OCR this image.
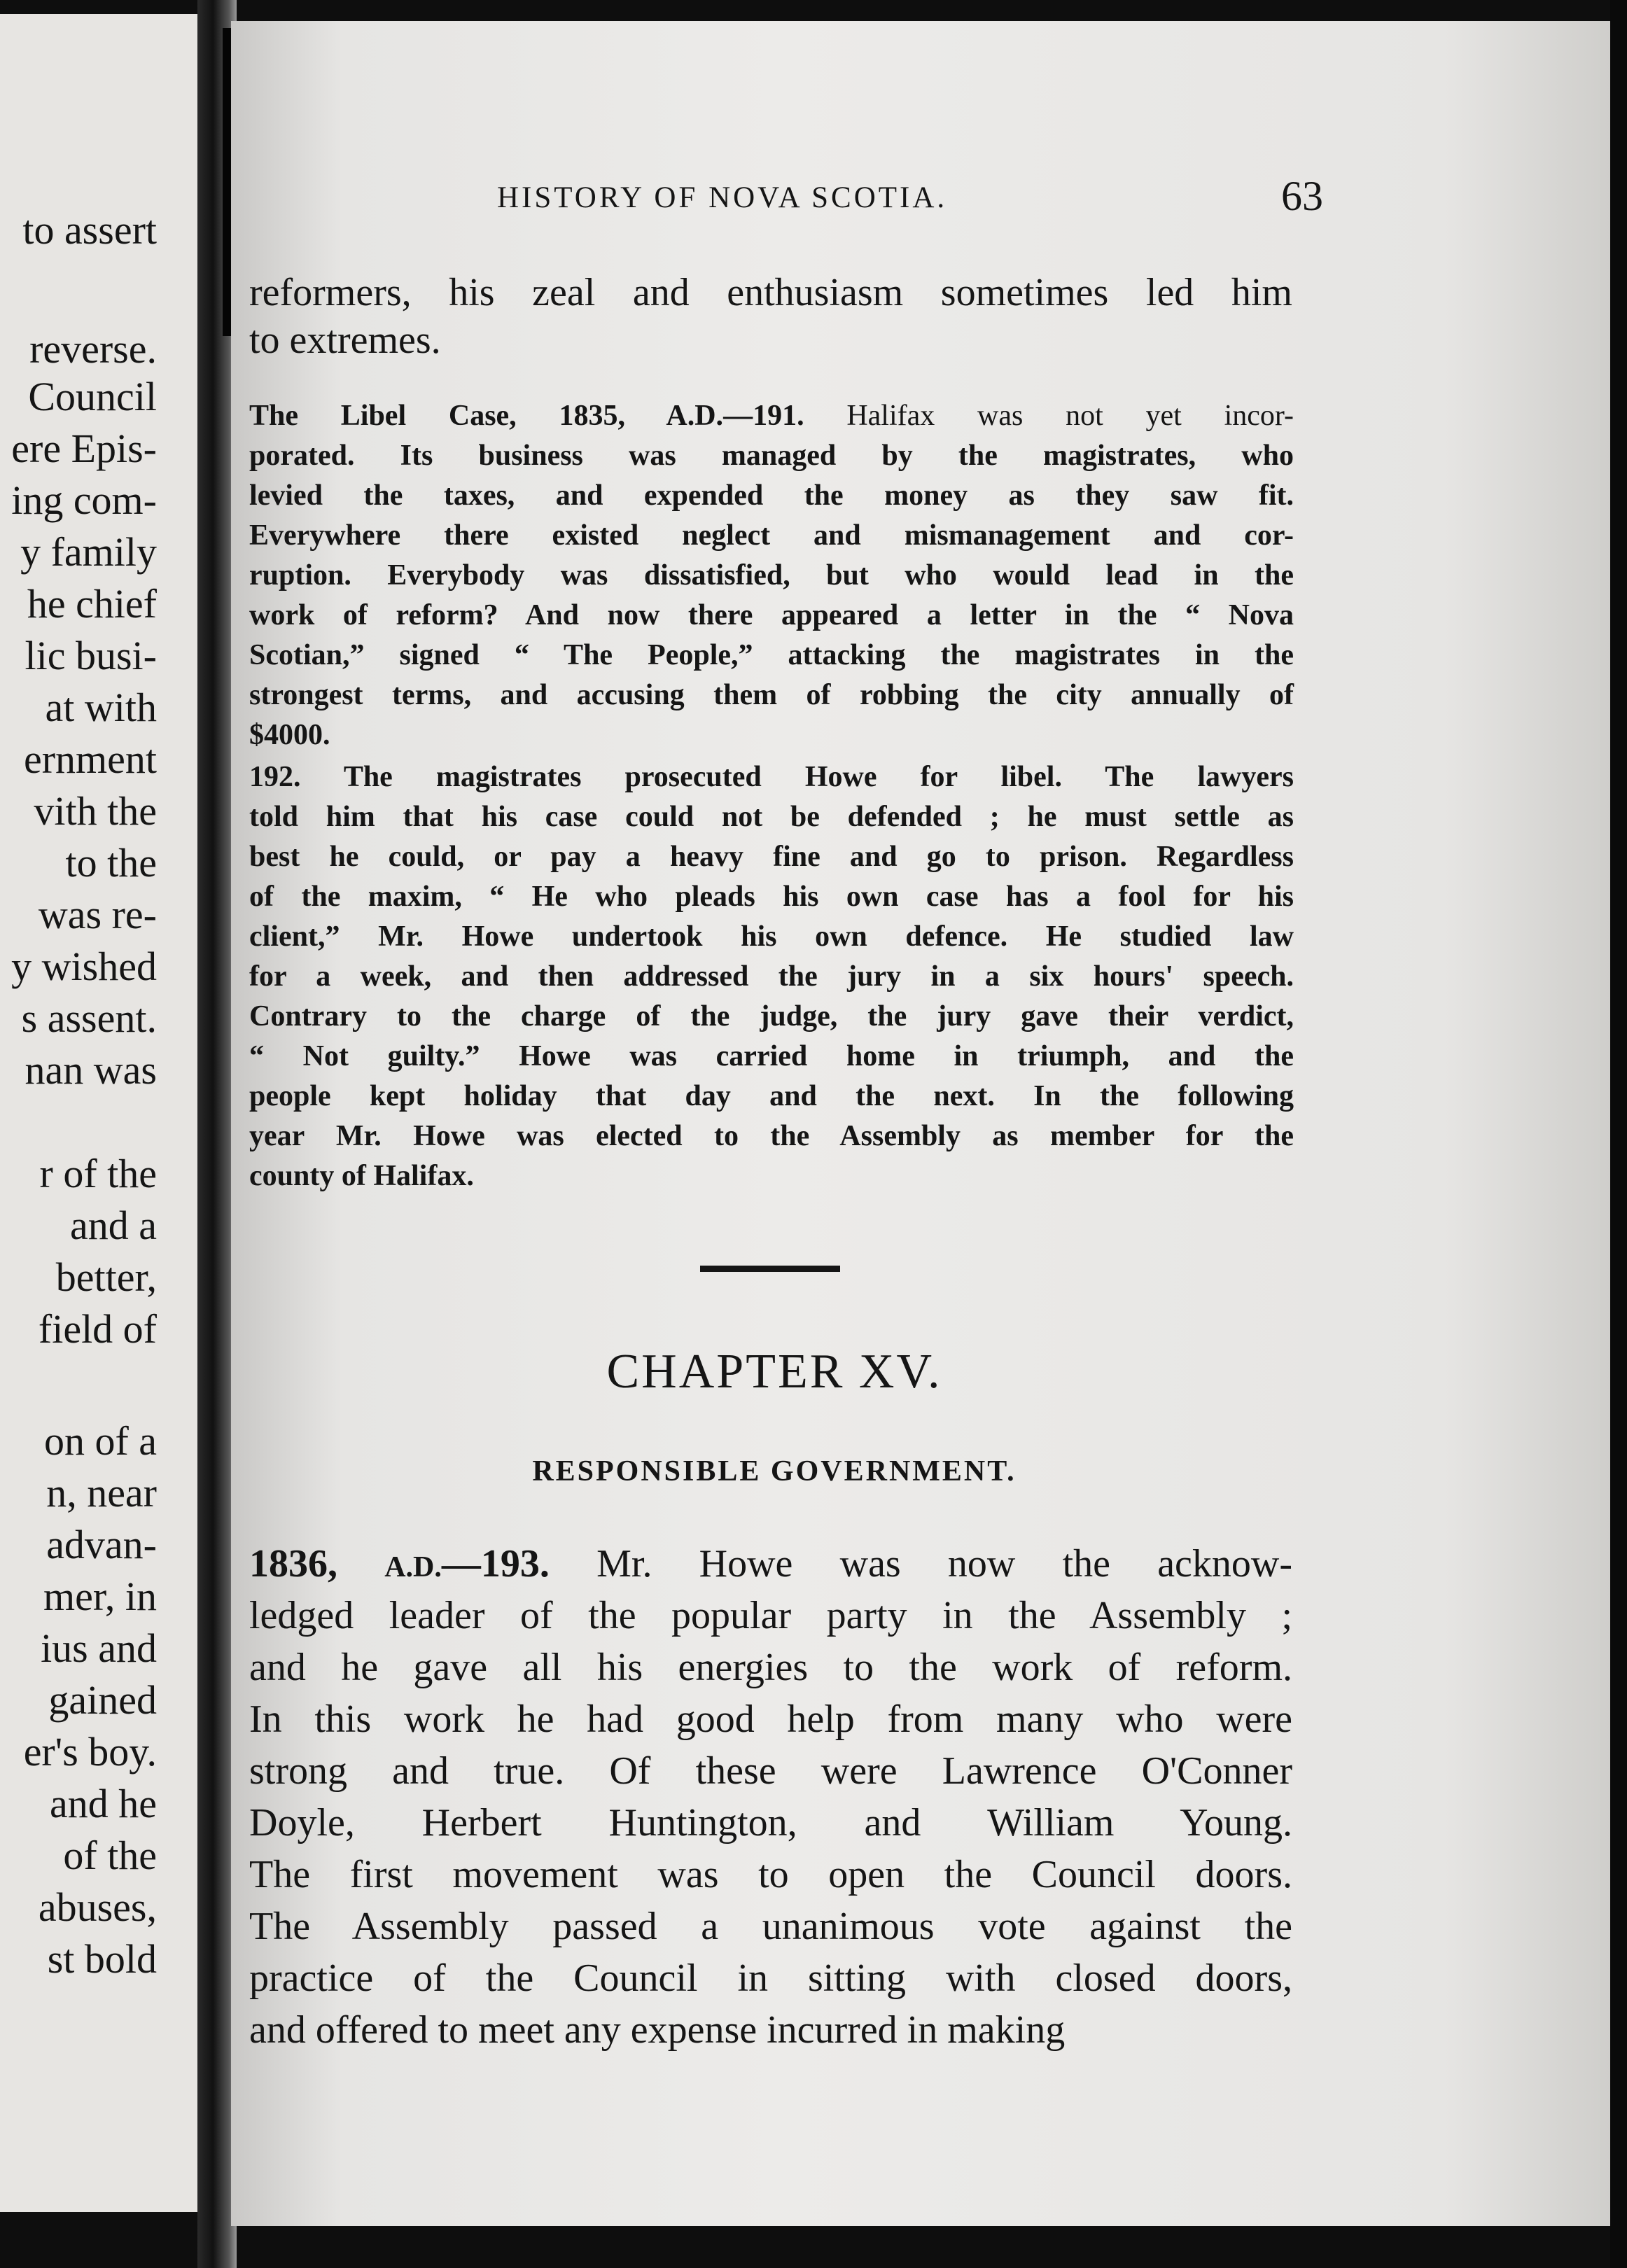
to assert
reverse.
Council
ere Epis-
ing com-
y family
he chief
lic busi-
at with
ernment
vith the
to the
was re-
y wished
s assent.
nan was
r of the
and a
better,
field of
on of a
n, near
advan-
mer, in
ius and
gained
er's boy.
and he
of the
abuses,
st bold
HISTORY OF NOVA SCOTIA.	63
reformers, his zeal and enthusiasm sometimes led him
to extremes.
The Libel Case, 1835, A.D.—191. Halifax was not yet incor-
porated. Its business was managed by the magistrates, who
levied the taxes, and expended the money as they saw fit.
Everywhere there existed neglect and mismanagement and cor-
ruption. Everybody was dissatisfied, but who would lead in the
work of reform? And now there appeared a letter in the “ Nova
Scotian,” signed “ The People,” attacking the magistrates in the
strongest terms, and accusing them of robbing the city annually of
$4000.
192. The magistrates prosecuted Howe for libel. The lawyers
told him that his case could not be defended ; he must settle as
best he could, or pay a heavy fine and go to prison. Regardless
of the maxim, “ He who pleads his own case has a fool for his
client,” Mr. Howe undertook his own defence. He studied law
for a week, and then addressed the jury in a six hours' speech.
Contrary to the charge of the judge, the jury gave their verdict,
“ Not guilty.” Howe was carried home in triumph, and the
people kept holiday that day and the next. In the following
year Mr. Howe was elected to the Assembly as member for the
county of Halifax.
CHAPTER XV.
RESPONSIBLE GOVERNMENT.
1836, A.D.—193. Mr. Howe was now the acknow-
ledged leader of the popular party in the Assembly ;
and he gave all his energies to the work of reform.
In this work he had good help from many who were
strong and true. Of these were Lawrence O'Conner
Doyle, Herbert Huntington, and William Young.
The first movement was to open the Council doors.
The Assembly passed a unanimous vote against the
practice of the Council in sitting with closed doors,
and offered to meet any expense incurred in making
